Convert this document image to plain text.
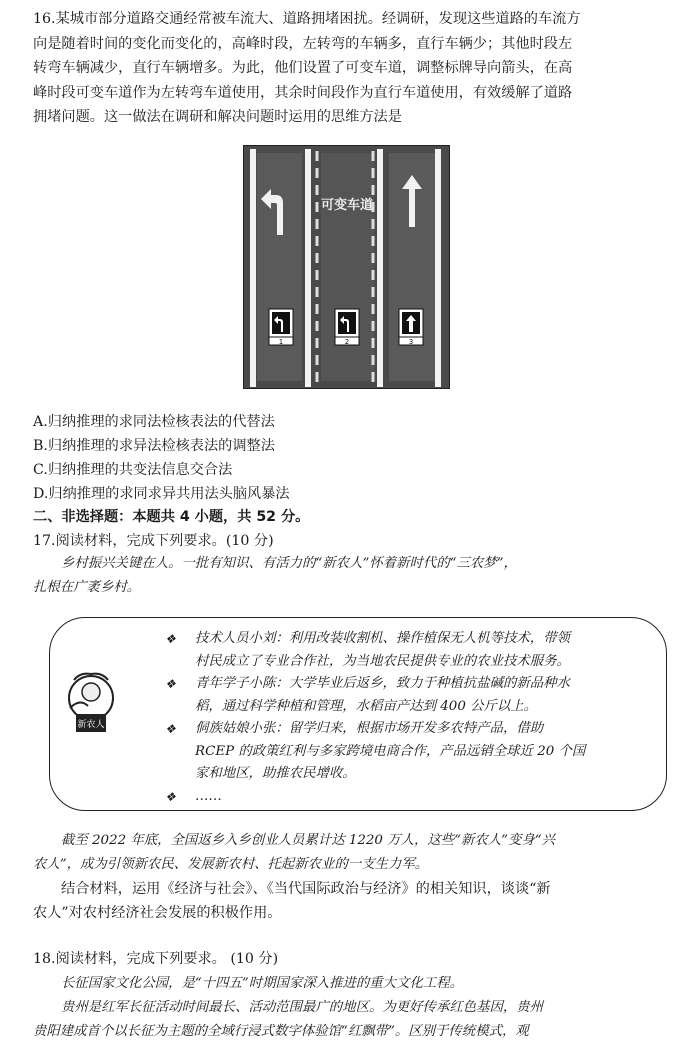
16.某城市部分道路交通经常被车流大、道路拥堵困扰。经调研，发现这些道路的车流方
向是随着时间的变化而变化的，高峰时段，左转弯的车辆多，直行车辆少；其他时段左
转弯车辆减少，直行车辆增多。为此，他们设置了可变车道，调整标牌导向箭头，在高
峰时段可变车道作为左转弯车道使用，其余时间段作为直行车道使用，有效缓解了道路
拥堵问题。这一做法在调研和解决问题时运用的思维方法是
可变车道
1	2	3
A.归纳推理的求同法检核表法的代替法
B.归纳推理的求异法检核表法的调整法
C.归纳推理的共变法信息交合法
D.归纳推理的求同求异共用法头脑风暴法
二、非选择题：本题共 4 小题，共 52 分。
17.阅读材料，完成下列要求。(10 分)
乡村振兴关键在人。一批有知识、有活力的“新农人”怀着新时代的“三农梦”，
扎根在广袤乡村。
新农人
❖ 技术人员小刘：利用改装收割机、操作植保无人机等技术，带领
村民成立了专业合作社，为当地农民提供专业的农业技术服务。
❖ 青年学子小陈：大学毕业后返乡，致力于种植抗盐碱的新品种水
稻，通过科学种植和管理，水稻亩产达到 400 公斤以上。
❖ 侗族姑娘小张：留学归来，根据市场开发多农特产品，借助
RCEP 的政策红利与多家跨境电商合作，产品远销全球近 20 个国
家和地区，助推农民增收。
❖ ……
截至 2022 年底，全国返乡入乡创业人员累计达 1220 万人，这些“新农人”变身“兴
农人”，成为引领新农民、发展新农村、托起新农业的一支生力军。
结合材料，运用《经济与社会》、《当代国际政治与经济》的相关知识，谈谈“新
农人”对农村经济社会发展的积极作用。
18.阅读材料，完成下列要求。 (10 分)
长征国家文化公园，是“十四五”时期国家深入推进的重大文化工程。
贵州是红军长征活动时间最长、活动范围最广的地区。为更好传承红色基因，贵州
贵阳建成首个以长征为主题的全域行浸式数字体验馆“红飘带”。区别于传统模式，观
